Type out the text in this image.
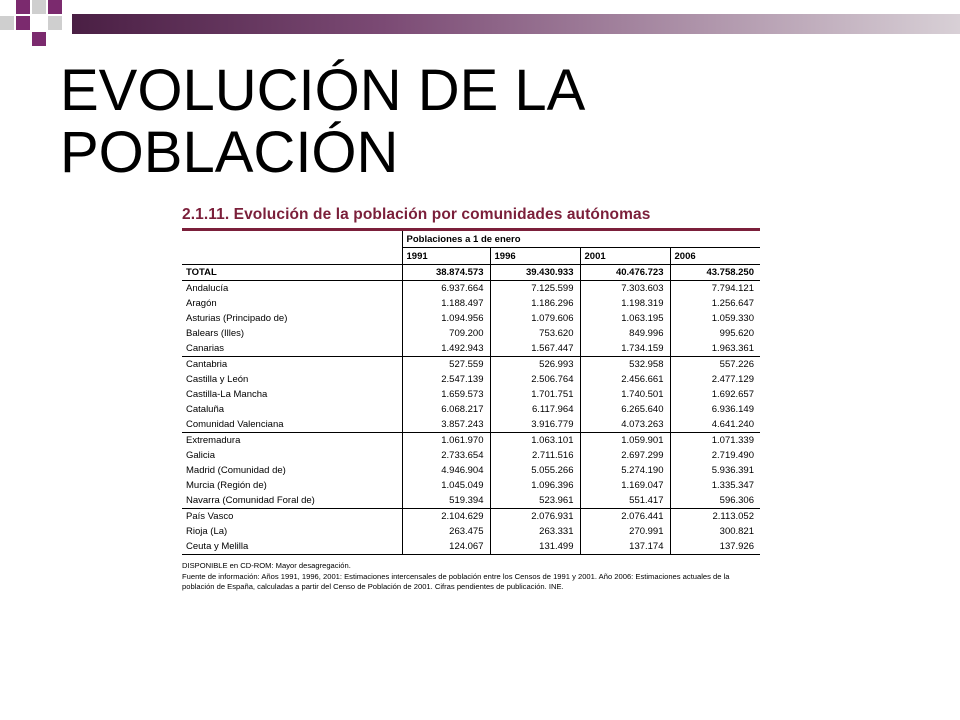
EVOLUCIÓN DE LA
POBLACIÓN
2.1.11. Evolución de la población por comunidades autónomas
	Poblaciones a 1 de enero			
	1991	1996	2001	2006
TOTAL	38.874.573	39.430.933	40.476.723	43.758.250
Andalucía	6.937.664	7.125.599	7.303.603	7.794.121
Aragón	1.188.497	1.186.296	1.198.319	1.256.647
Asturias (Principado de)	1.094.956	1.079.606	1.063.195	1.059.330
Balears (Illes)	709.200	753.620	849.996	995.620
Canarias	1.492.943	1.567.447	1.734.159	1.963.361
Cantabria	527.559	526.993	532.958	557.226
Castilla y León	2.547.139	2.506.764	2.456.661	2.477.129
Castilla-La Mancha	1.659.573	1.701.751	1.740.501	1.692.657
Cataluña	6.068.217	6.117.964	6.265.640	6.936.149
Comunidad Valenciana	3.857.243	3.916.779	4.073.263	4.641.240
Extremadura	1.061.970	1.063.101	1.059.901	1.071.339
Galicia	2.733.654	2.711.516	2.697.299	2.719.490
Madrid (Comunidad de)	4.946.904	5.055.266	5.274.190	5.936.391
Murcia (Región de)	1.045.049	1.096.396	1.169.047	1.335.347
Navarra (Comunidad Foral de)	519.394	523.961	551.417	596.306
País Vasco	2.104.629	2.076.931	2.076.441	2.113.052
Rioja (La)	263.475	263.331	270.991	300.821
Ceuta y Melilla	124.067	131.499	137.174	137.926

DISPONIBLE en CD-ROM: Mayor desagregación.

Fuente de información: Años 1991, 1996, 2001: Estimaciones intercensales de población entre los Censos de 1991 y 2001. Año 2006: Estimaciones actuales de la población de España, calculadas a partir del Censo de Población de 2001. Cifras pendientes de publicación. INE.
